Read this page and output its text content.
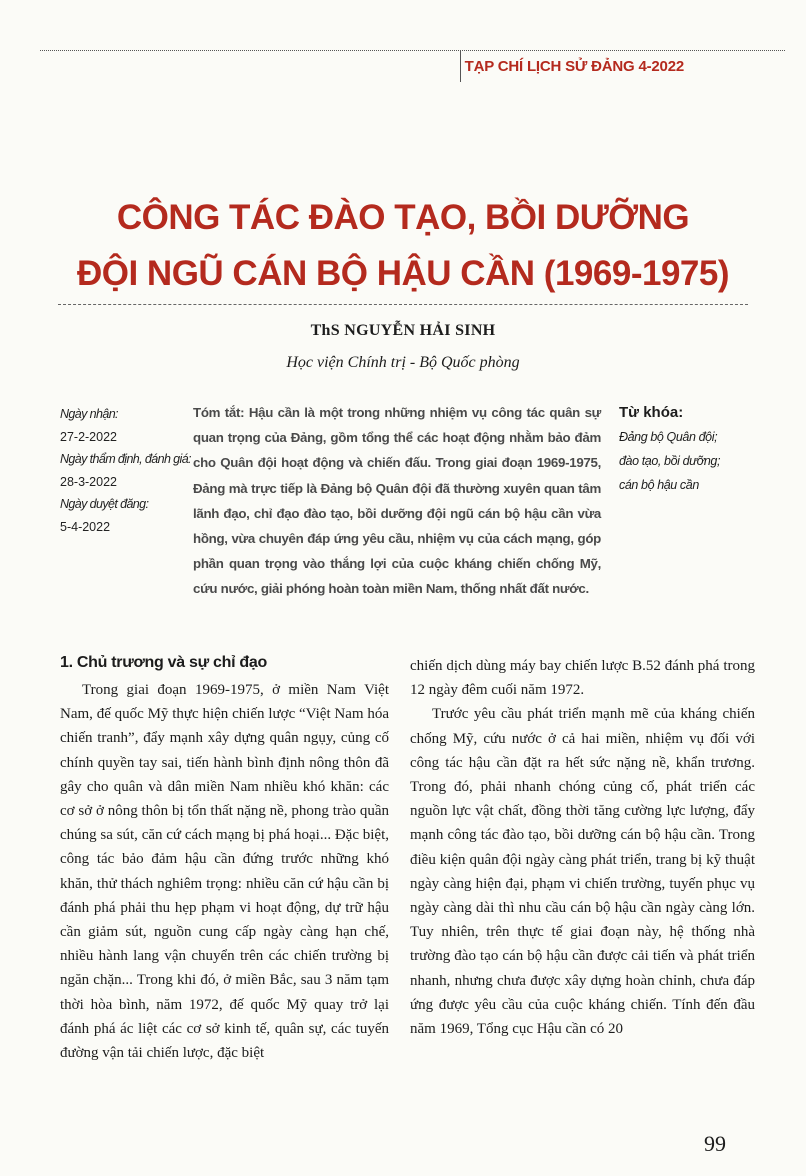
TẠP CHÍ LỊCH SỬ ĐẢNG 4-2022
CÔNG TÁC ĐÀO TẠO, BỒI DƯỠNG
ĐỘI NGŨ CÁN BỘ HẬU CẦN (1969-1975)
ThS NGUYỄN HẢI SINH
Học viện Chính trị - Bộ Quốc phòng
Ngày nhận:
27-2-2022
Ngày thẩm định, đánh giá:
28-3-2022
Ngày duyệt đăng:
5-4-2022
Tóm tắt: Hậu cần là một trong những nhiệm vụ công tác quân sự quan trọng của Đảng, gồm tổng thể các hoạt động nhằm bảo đảm cho Quân đội hoạt động và chiến đấu. Trong giai đoạn 1969-1975, Đảng mà trực tiếp là Đảng bộ Quân đội đã thường xuyên quan tâm lãnh đạo, chỉ đạo đào tạo, bồi dưỡng đội ngũ cán bộ hậu cần vừa hồng, vừa chuyên đáp ứng yêu cầu, nhiệm vụ của cách mạng, góp phần quan trọng vào thắng lợi của cuộc kháng chiến chống Mỹ, cứu nước, giải phóng hoàn toàn miền Nam, thống nhất đất nước.
Từ khóa:
Đảng bộ Quân đội;
đào tạo, bồi dưỡng;
cán bộ hậu cần
1. Chủ trương và sự chỉ đạo

Trong giai đoạn 1969-1975, ở miền Nam Việt Nam, đế quốc Mỹ thực hiện chiến lược “Việt Nam hóa chiến tranh”, đẩy mạnh xây dựng quân ngụy, củng cố chính quyền tay sai, tiến hành bình định nông thôn đã gây cho quân và dân miền Nam nhiều khó khăn: các cơ sở ở nông thôn bị tổn thất nặng nề, phong trào quần chúng sa sút, căn cứ cách mạng bị phá hoại... Đặc biệt, công tác bảo đảm hậu cần đứng trước những khó khăn, thử thách nghiêm trọng: nhiều căn cứ hậu cần bị đánh phá phải thu hẹp phạm vi hoạt động, dự trữ hậu cần giảm sút, nguồn cung cấp ngày càng hạn chế, nhiều hành lang vận chuyển trên các chiến trường bị ngăn chặn... Trong khi đó, ở miền Bắc, sau 3 năm tạm thời hòa bình, năm 1972, đế quốc Mỹ quay trở lại đánh phá ác liệt các cơ sở kinh tế, quân sự, các tuyến đường vận tải chiến lược, đặc biệt

chiến dịch dùng máy bay chiến lược B.52 đánh phá trong 12 ngày đêm cuối năm 1972.

Trước yêu cầu phát triển mạnh mẽ của kháng chiến chống Mỹ, cứu nước ở cả hai miền, nhiệm vụ đối với công tác hậu cần đặt ra hết sức nặng nề, khẩn trương. Trong đó, phải nhanh chóng củng cố, phát triển các nguồn lực vật chất, đồng thời tăng cường lực lượng, đẩy mạnh công tác đào tạo, bồi dưỡng cán bộ hậu cần. Trong điều kiện quân đội ngày càng phát triển, trang bị kỹ thuật ngày càng hiện đại, phạm vi chiến trường, tuyến phục vụ ngày càng dài thì nhu cầu cán bộ hậu cần ngày càng lớn. Tuy nhiên, trên thực tế giai đoạn này, hệ thống nhà trường đào tạo cán bộ hậu cần được cải tiến và phát triển nhanh, nhưng chưa được xây dựng hoàn chỉnh, chưa đáp ứng được yêu cầu của cuộc kháng chiến. Tính đến đầu năm 1969, Tổng cục Hậu cần có 20

99
